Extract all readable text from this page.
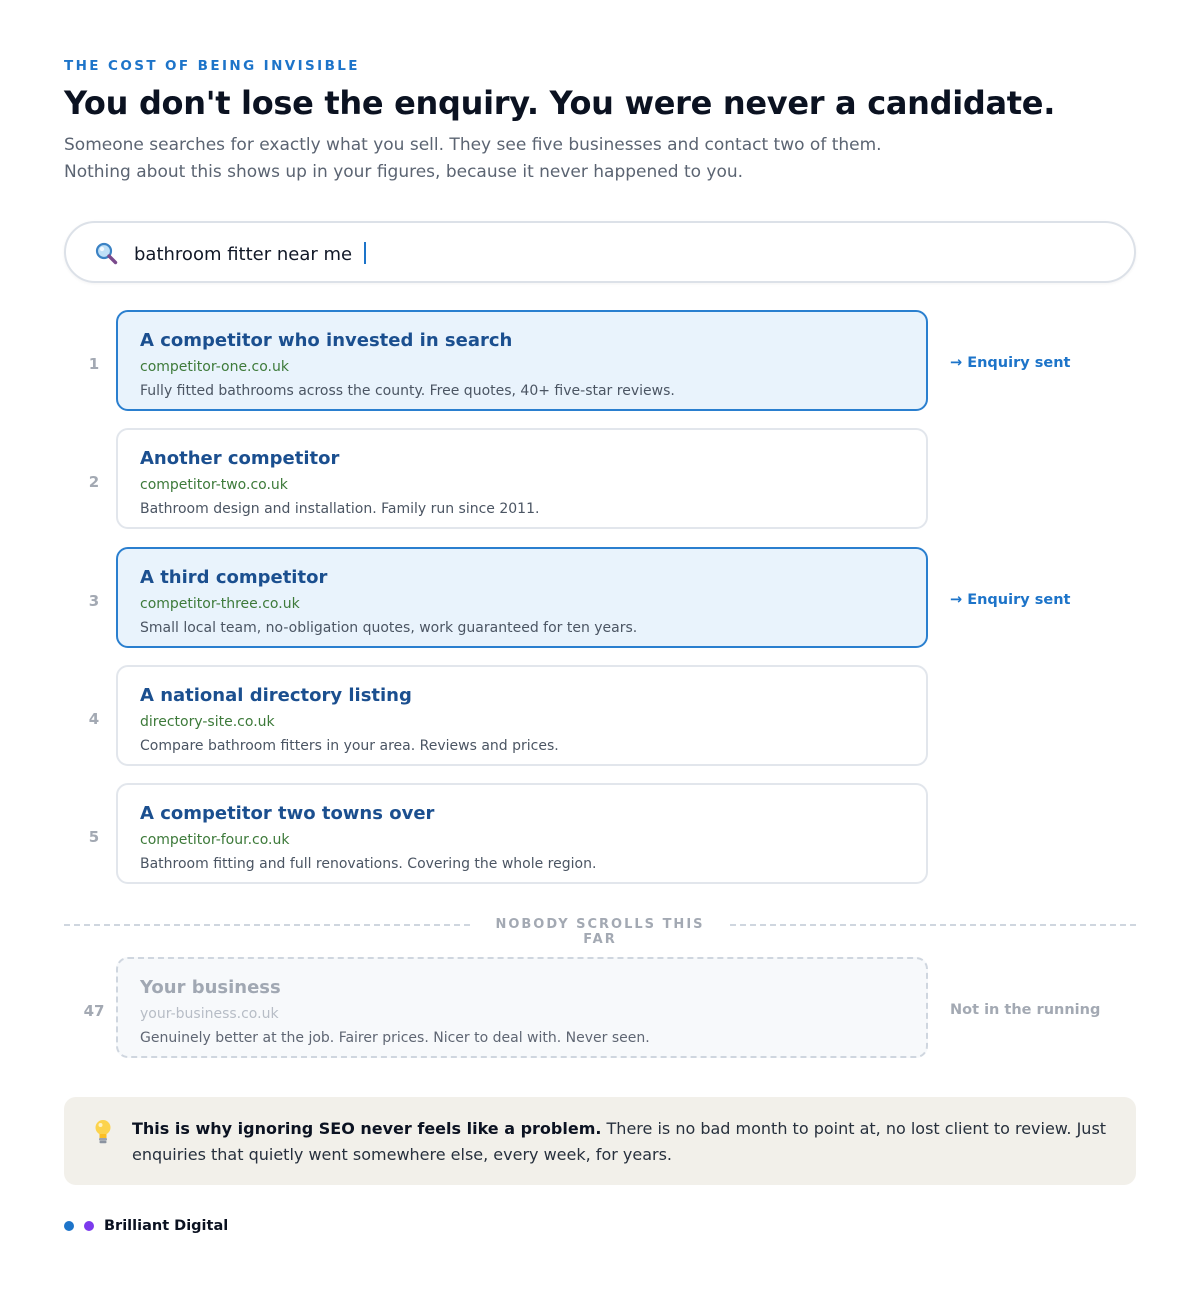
THE COST OF BEING INVISIBLE
You don't lose the enquiry. You were never a candidate.

Someone searches for exactly what you sell. They see five businesses and contact two of them. Nothing about this shows up in your figures, because it never happened to you.

bathroom fitter near me
1
A competitor who invested in search
competitor-one.co.uk
Fully fitted bathrooms across the county. Free quotes, 40+ five-star reviews.
→ Enquiry sent
2
Another competitor
competitor-two.co.uk
Bathroom design and installation. Family run since 2011.
3
A third competitor
competitor-three.co.uk
Small local team, no-obligation quotes, work guaranteed for ten years.
→ Enquiry sent
4
A national directory listing
directory-site.co.uk
Compare bathroom fitters in your area. Reviews and prices.
5
A competitor two towns over
competitor-four.co.uk
Bathroom fitting and full renovations. Covering the whole region.
NOBODY SCROLLS THIS FAR
47
Your business
your-business.co.uk
Genuinely better at the job. Fairer prices. Nicer to deal with. Never seen.
Not in the running

This is why ignoring SEO never feels like a problem. There is no bad month to point at, no lost client to review. Just enquiries that quietly went somewhere else, every week, for years.

Brilliant Digital
